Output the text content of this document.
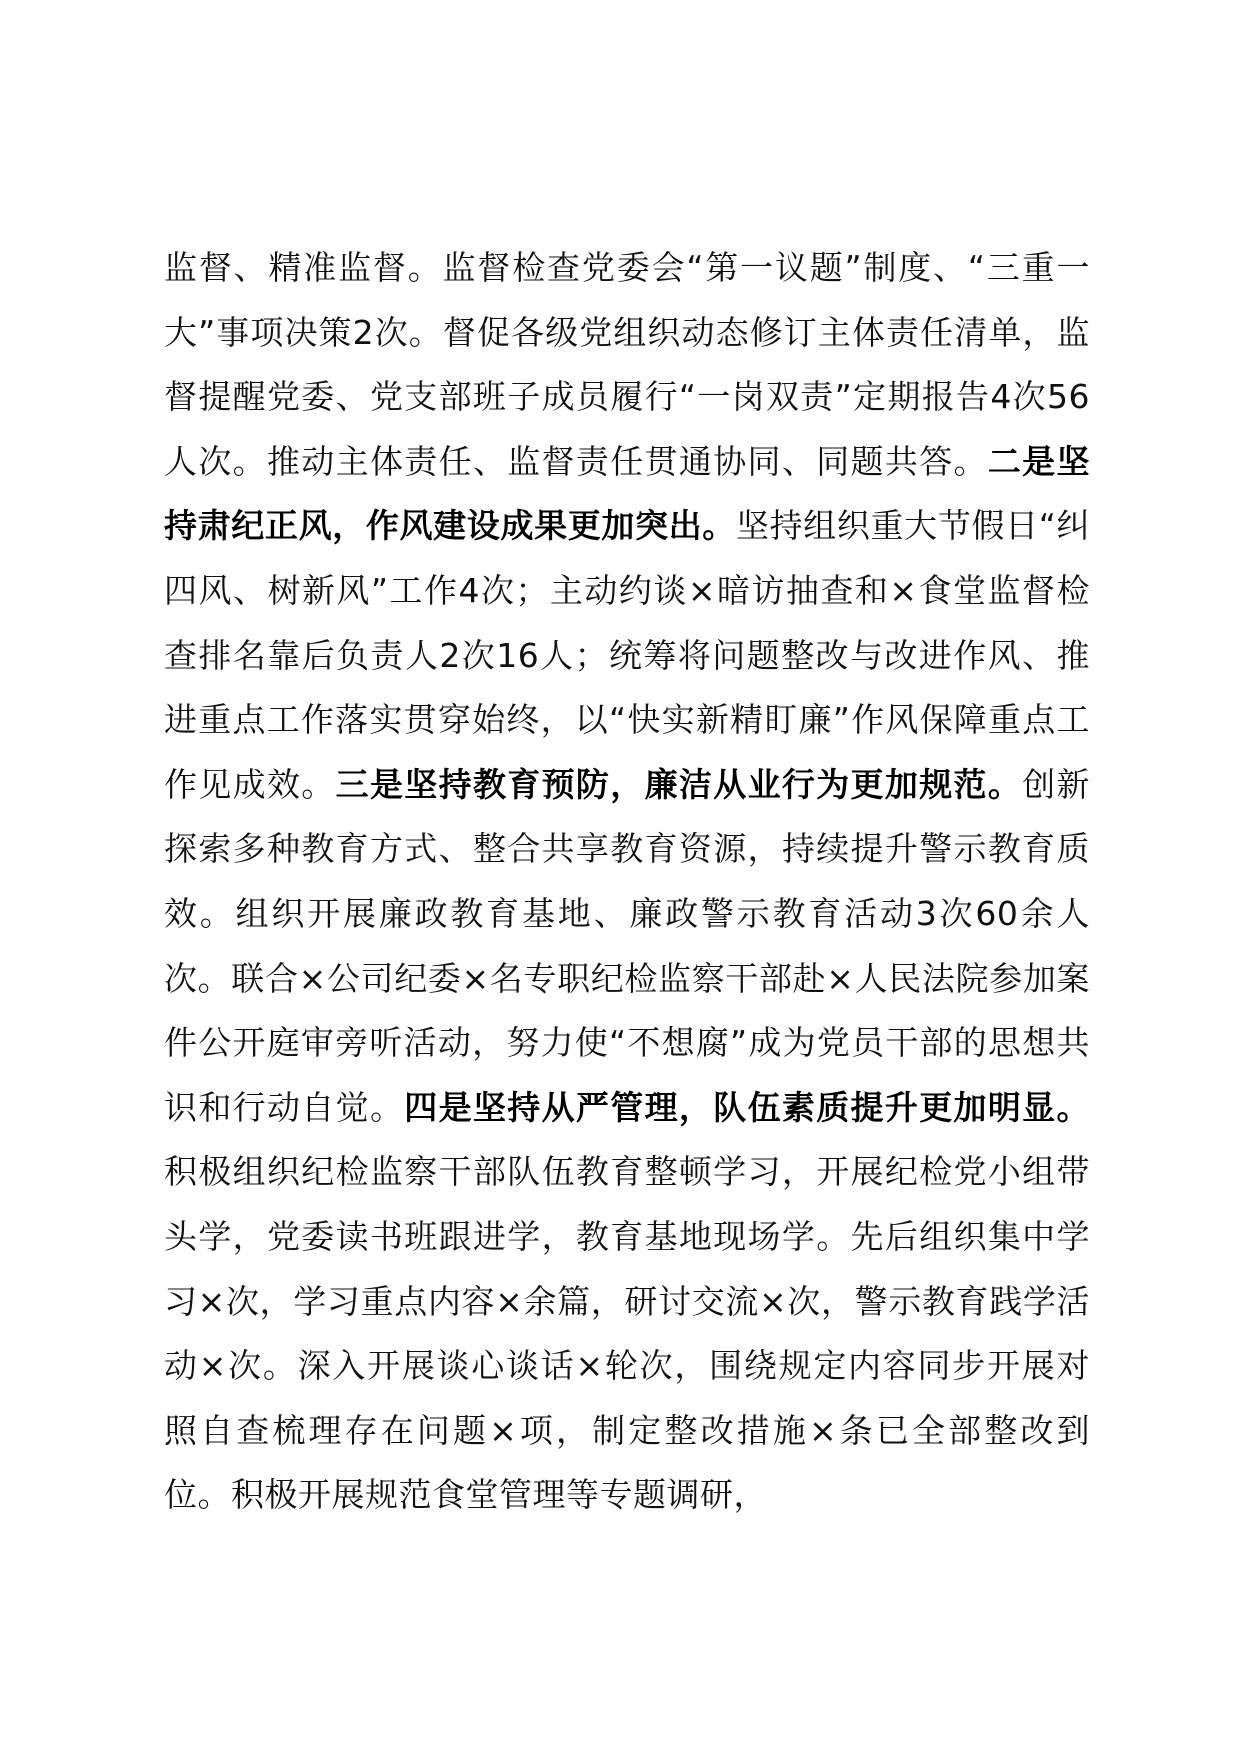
监督、精准监督。监督检查党委会“第一议题”制度、“三重一大”事项决策2次。督促各级党组织动态修订主体责任清单，监督提醒党委、党支部班子成员履行“一岗双责”定期报告4次56人次。推动主体责任、监督责任贯通协同、同题共答。二是坚持肃纪正风，作风建设成果更加突出。坚持组织重大节假日“纠四风、树新风”工作4次；主动约谈×暗访抽查和×食堂监督检查排名靠后负责人2次16人；统筹将问题整改与改进作风、推进重点工作落实贯穿始终，以“快实新精盯廉”作风保障重点工作见成效。三是坚持教育预防，廉洁从业行为更加规范。创新探索多种教育方式、整合共享教育资源，持续提升警示教育质效。组织开展廉政教育基地、廉政警示教育活动3次60余人次。联合×公司纪委×名专职纪检监察干部赴×人民法院参加案件公开庭审旁听活动，努力使“不想腐”成为党员干部的思想共识和行动自觉。四是坚持从严管理，队伍素质提升更加明显。积极组织纪检监察干部队伍教育整顿学习，开展纪检党小组带头学，党委读书班跟进学，教育基地现场学。先后组织集中学习×次，学习重点内容×余篇，研讨交流×次，警示教育践学活动×次。深入开展谈心谈话×轮次，围绕规定内容同步开展对照自查梳理存在问题×项，制定整改措施×条已全部整改到位。积极开展规范食堂管理等专题调研，
